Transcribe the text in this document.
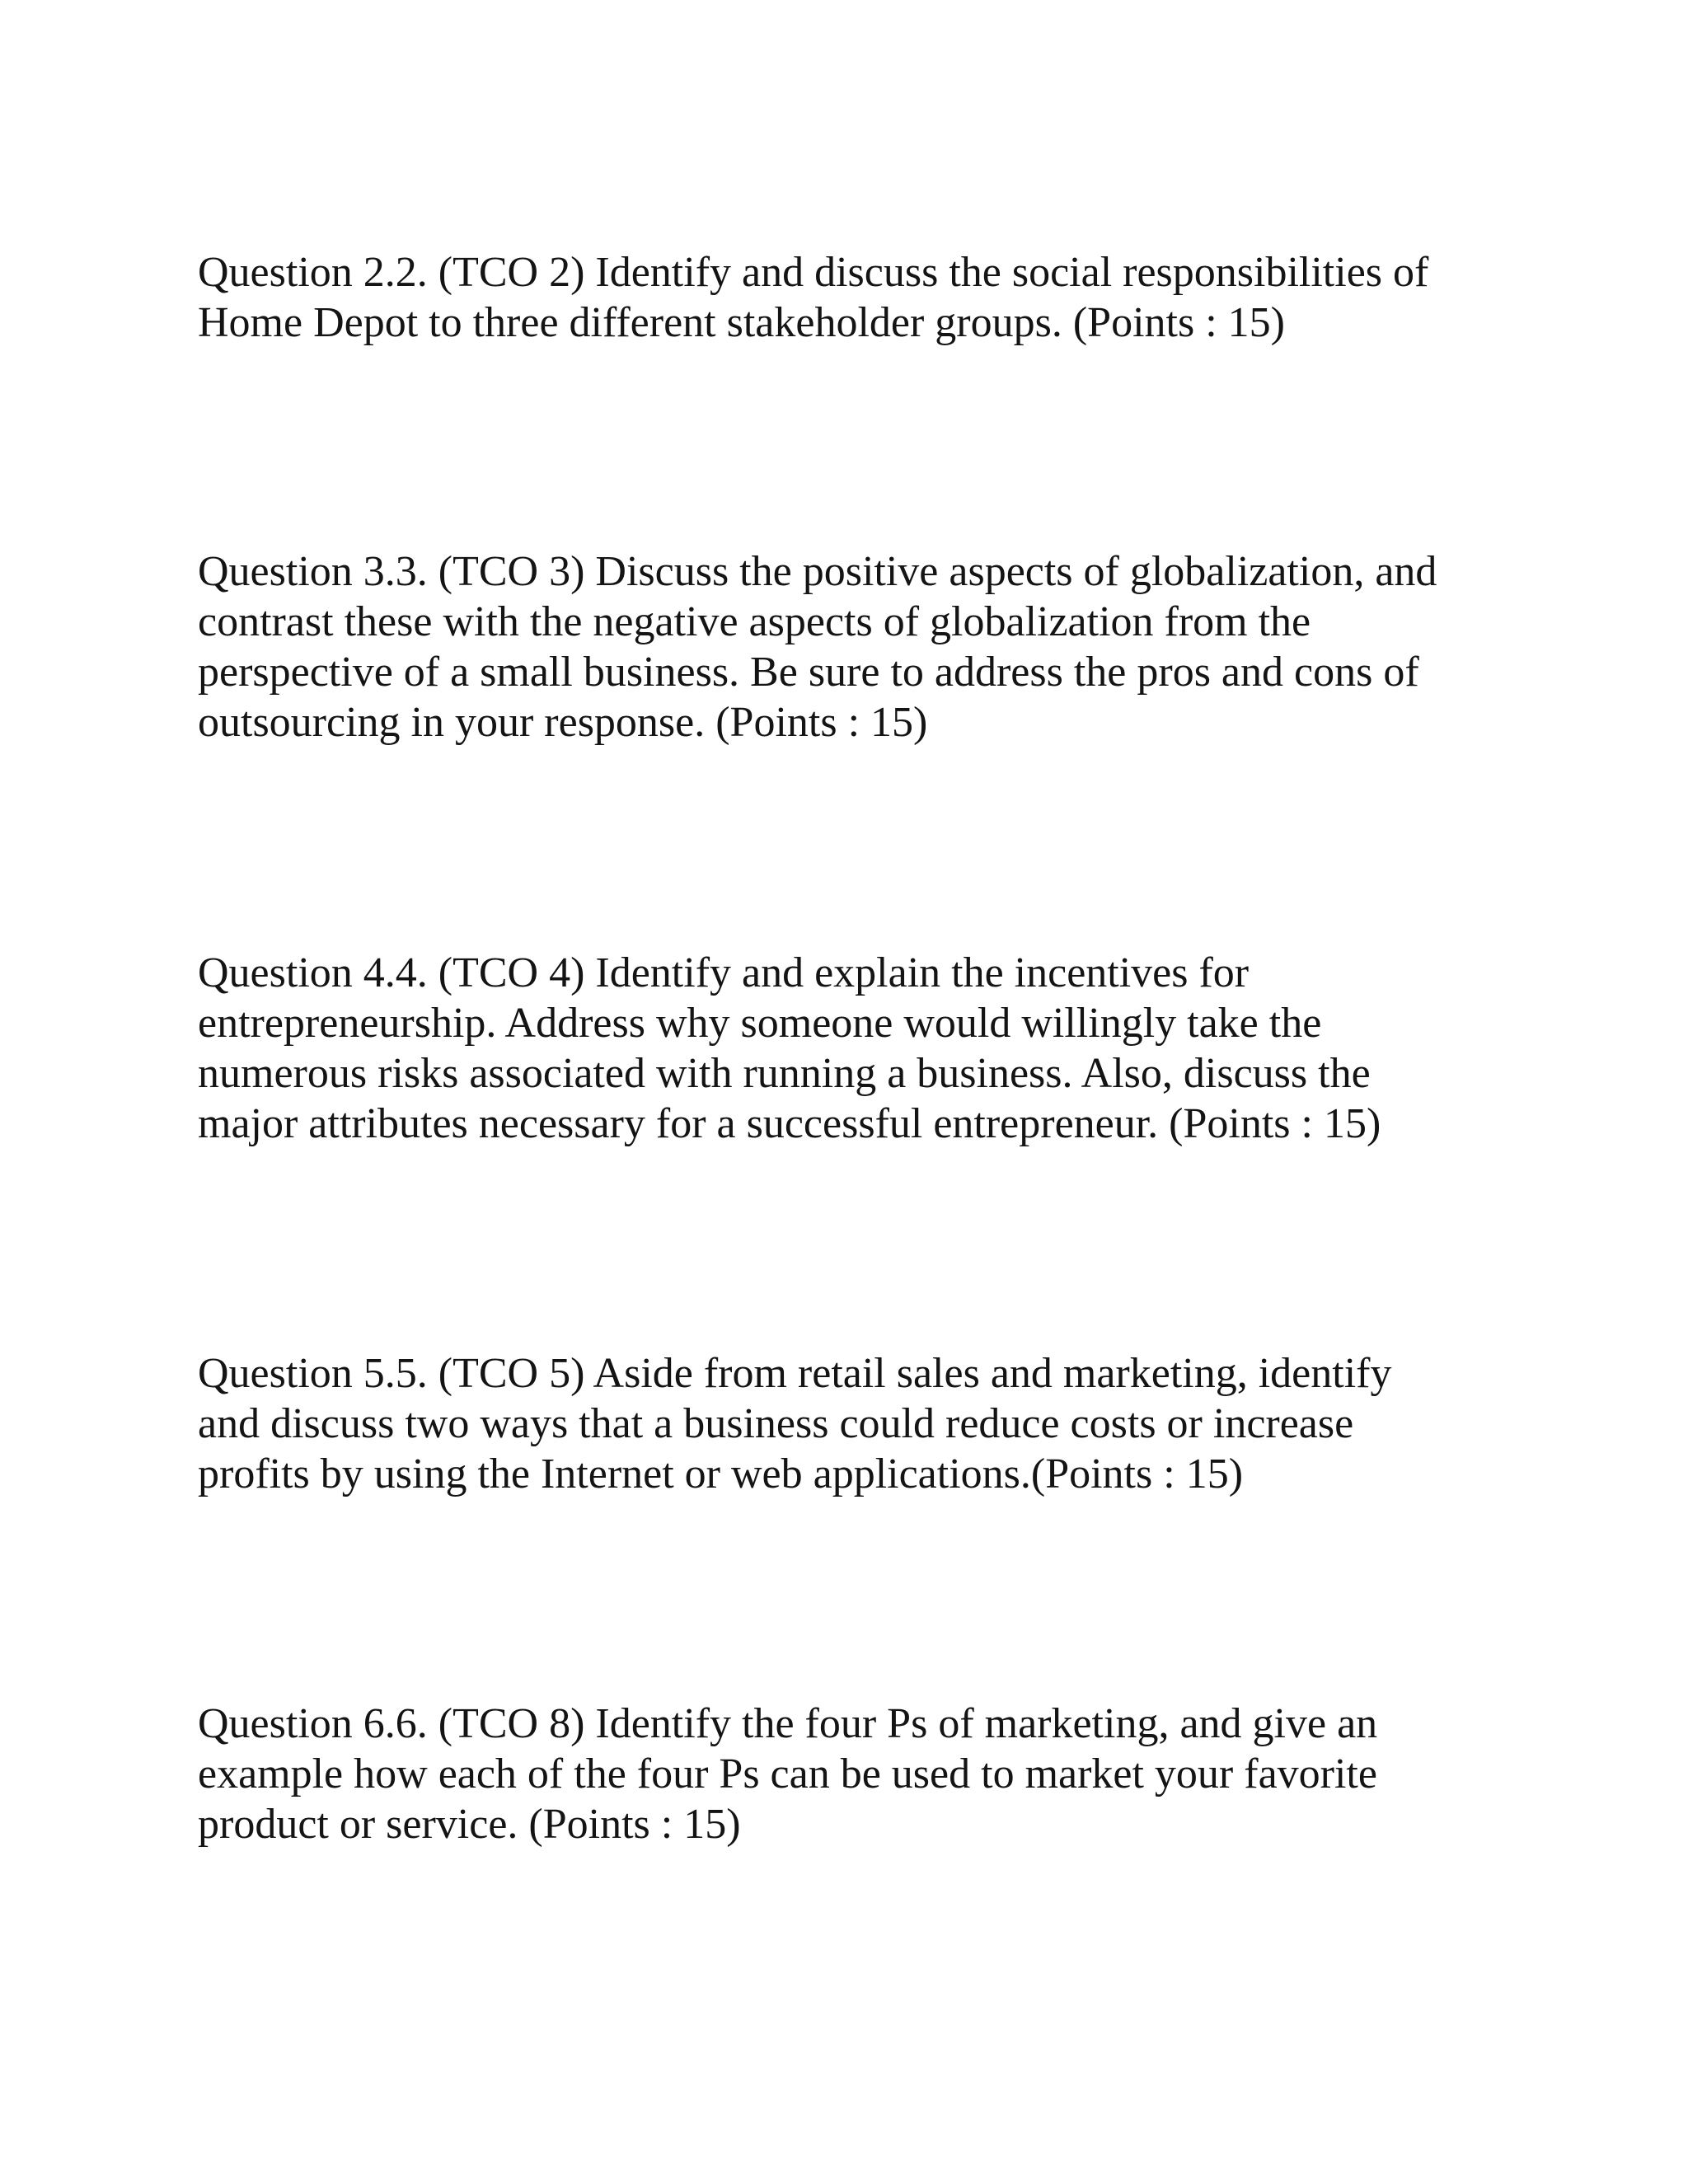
Question 2.2. (TCO 2) Identify and discuss the social responsibilities of
Home Depot to three different stakeholder groups. (Points : 15)

Question 3.3. (TCO 3) Discuss the positive aspects of globalization, and
contrast these with the negative aspects of globalization from the
perspective of a small business. Be sure to address the pros and cons of
outsourcing in your response. (Points : 15)

Question 4.4. (TCO 4) Identify and explain the incentives for
entrepreneurship. Address why someone would willingly take the
numerous risks associated with running a business. Also, discuss the
major attributes necessary for a successful entrepreneur. (Points : 15)

Question 5.5. (TCO 5) Aside from retail sales and marketing, identify
and discuss two ways that a business could reduce costs or increase
profits by using the Internet or web applications.(Points : 15)

Question 6.6. (TCO 8) Identify the four Ps of marketing, and give an
example how each of the four Ps can be used to market your favorite
product or service. (Points : 15)
